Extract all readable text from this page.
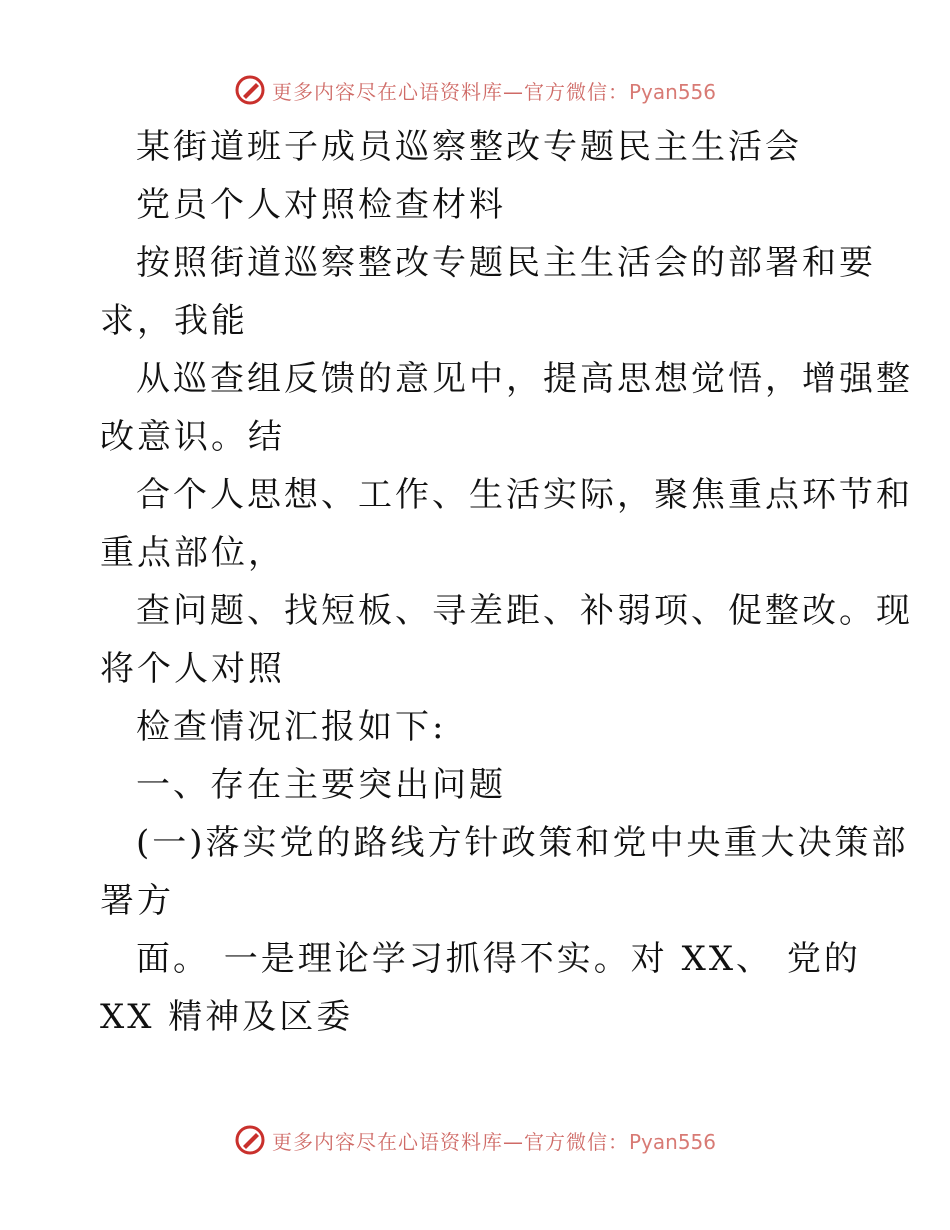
更多内容尽在心语资料库—官方微信：Pyan556
某街道班子成员巡察整改专题民主生活会
党员个人对照检查材料
按照街道巡察整改专题民主生活会的部署和要
求，我能
从巡查组反馈的意见中，提高思想觉悟，增强整
改意识。结
合个人思想、工作、生活实际，聚焦重点环节和
重点部位，
查问题、找短板、寻差距、补弱项、促整改。现
将个人对照
检查情况汇报如下:
一、存在主要突出问题
(一)落实党的路线方针政策和党中央重大决策部
署方
面。 一是理论学习抓得不实。对 XX、 党的
XX 精神及区委
更多内容尽在心语资料库—官方微信：Pyan556
